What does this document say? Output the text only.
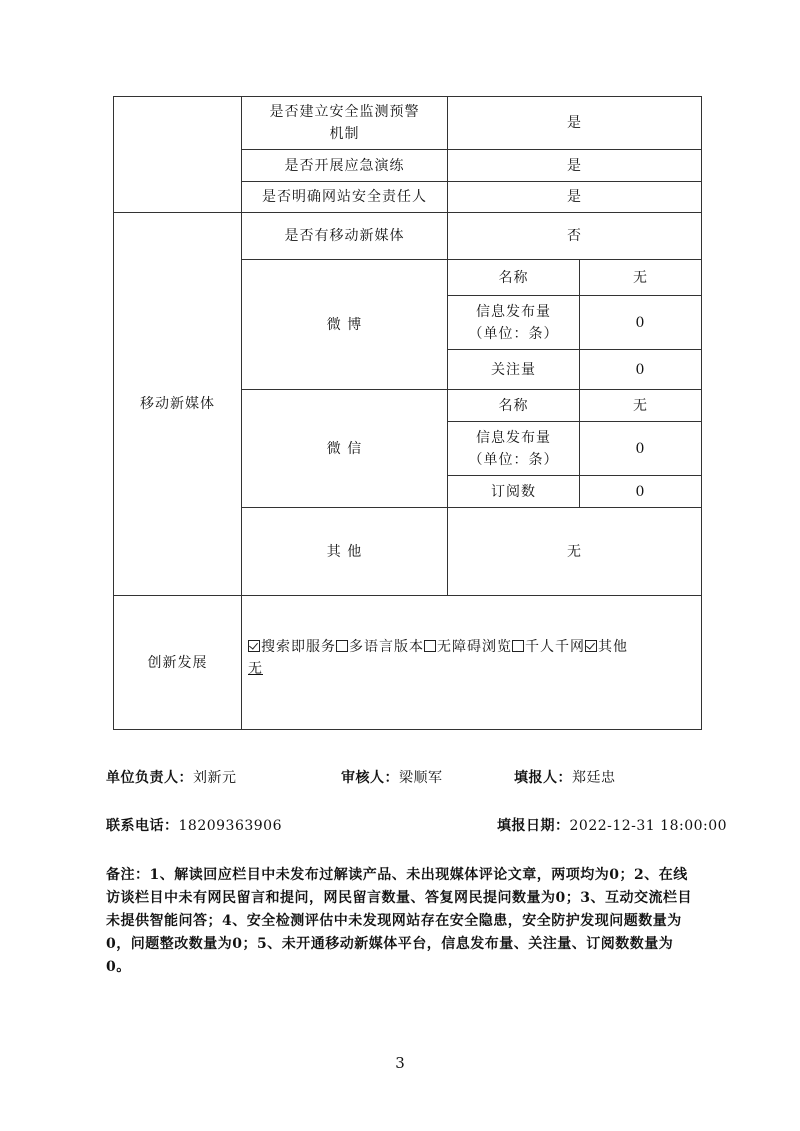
	是否建立安全监测预警
机制	是	
	是否开展应急演练	是	
	是否明确网站安全责任人	是	
移动新媒体	是否有移动新媒体	否	
	微 博	名称	无
		信息发布量
（单位：条）	0
		关注量	0
	微 信	名称	无
		信息发布量
（单位：条）	0
		订阅数	0
	其 他	无	
创新发展	搜索即服务 多语言版本 无障碍浏览 千人千网 其他
无		
单位负责人：刘新元	审核人：梁顺军	填报人：郑廷忠
联系电话：18209363906	填报日期：2022-12-31 18:00:00
备注：1、解读回应栏目中未发布过解读产品、未出现媒体评论文章，两项均为0；2、在线访谈栏目中未有网民留言和提问，网民留言数量、答复网民提问数量为0；3、互动交流栏目未提供智能问答；4、安全检测评估中未发现网站存在安全隐患，安全防护发现问题数量为0，问题整改数量为0；5、未开通移动新媒体平台，信息发布量、关注量、订阅数数量为0。
3
